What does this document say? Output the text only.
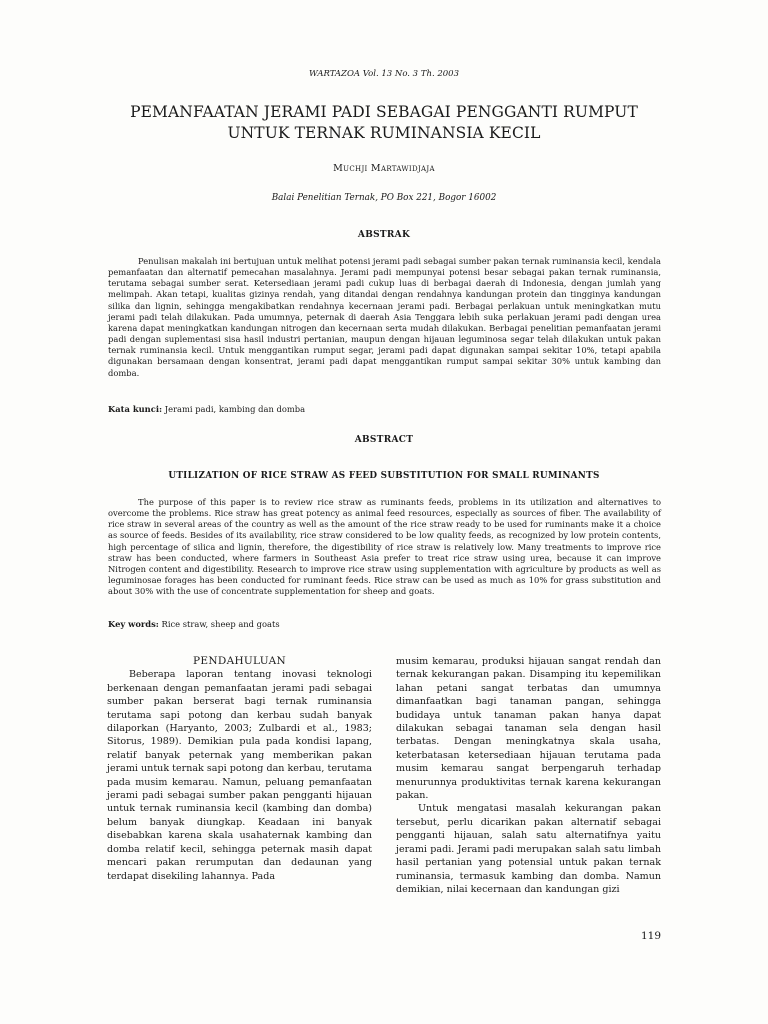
WARTAZOA Vol. 13 No. 3 Th. 2003
PEMANFAATAN JERAMI PADI SEBAGAI PENGGANTI RUMPUT
UNTUK TERNAK RUMINANSIA KECIL
Muchji Martawidjaja
Balai Penelitian Ternak, PO Box 221, Bogor 16002
ABSTRAK

Penulisan makalah ini bertujuan untuk melihat potensi jerami padi sebagai sumber pakan ternak ruminansia kecil, kendala pemanfaatan dan alternatif pemecahan masalahnya. Jerami padi mempunyai potensi besar sebagai pakan ternak ruminansia, terutama sebagai sumber serat. Ketersediaan jerami padi cukup luas di berbagai daerah di Indonesia, dengan jumlah yang melimpah. Akan tetapi, kualitas gizinya rendah, yang ditandai dengan rendahnya kandungan protein dan tingginya kandungan silika dan lignin, sehingga mengakibatkan rendahnya kecernaan jerami padi. Berbagai perlakuan untuk meningkatkan mutu jerami padi telah dilakukan. Pada umumnya, peternak di daerah Asia Tenggara lebih suka perlakuan jerami padi dengan urea karena dapat meningkatkan kandungan nitrogen dan kecernaan serta mudah dilakukan. Berbagai penelitian pemanfaatan jerami padi dengan suplementasi sisa hasil industri pertanian, maupun dengan hijauan leguminosa segar telah dilakukan untuk pakan ternak ruminansia kecil. Untuk menggantikan rumput segar, jerami padi dapat digunakan sampai sekitar 10%, tetapi apabila digunakan bersamaan dengan konsentrat, jerami padi dapat menggantikan rumput sampai sekitar 30% untuk kambing dan domba.

Kata kunci: Jerami padi, kambing dan domba
ABSTRACT
UTILIZATION OF RICE STRAW AS FEED SUBSTITUTION FOR SMALL RUMINANTS

The purpose of this paper is to review rice straw as ruminants feeds, problems in its utilization and alternatives to overcome the problems. Rice straw has great potency as animal feed resources, especially as sources of fiber. The availability of rice straw in several areas of the country as well as the amount of the rice straw ready to be used for ruminants make it a choice as source of feeds. Besides of its availability, rice straw considered to be low quality feeds, as recognized by low protein contents, high percentage of silica and lignin, therefore, the digestibility of rice straw is relatively low. Many treatments to improve rice straw has been conducted, where farmers in Southeast Asia prefer to treat rice straw using urea, because it can improve Nitrogen content and digestibility. Research to improve rice straw using supplementation with agriculture by products as well as leguminosae forages has been conducted for ruminant feeds. Rice straw can be used as much as 10% for grass substitution and about 30% with the use of concentrate supplementation for sheep and goats.

Key words: Rice straw, sheep and goats

PENDAHULUAN

Beberapa laporan tentang inovasi teknologi berkenaan dengan pemanfaatan jerami padi sebagai sumber pakan berserat bagi ternak ruminansia terutama sapi potong dan kerbau sudah banyak dilaporkan (Haryanto, 2003; Zulbardi et al., 1983; Sitorus, 1989). Demikian pula pada kondisi lapang, relatif banyak peternak yang memberikan pakan jerami untuk ternak sapi potong dan kerbau, terutama pada musim kemarau. Namun, peluang pemanfaatan jerami padi sebagai sumber pakan pengganti hijauan untuk ternak ruminansia kecil (kambing dan domba) belum banyak diungkap. Keadaan ini banyak disebabkan karena skala usahaternak kambing dan domba relatif kecil, sehingga peternak masih dapat mencari pakan rerumputan dan dedaunan yang terdapat disekiling lahannya. Pada

musim kemarau, produksi hijauan sangat rendah dan ternak kekurangan pakan. Disamping itu kepemilikan lahan petani sangat terbatas dan umumnya dimanfaatkan bagi tanaman pangan, sehingga budidaya untuk tanaman pakan hanya dapat dilakukan sebagai tanaman sela dengan hasil terbatas. Dengan meningkatnya skala usaha, keterbatasan ketersediaan hijauan terutama pada musim kemarau sangat berpengaruh terhadap menurunnya produktivitas ternak karena kekurangan pakan.

Untuk mengatasi masalah kekurangan pakan tersebut, perlu dicarikan pakan alternatif sebagai pengganti hijauan, salah satu alternatifnya yaitu jerami padi. Jerami padi merupakan salah satu limbah hasil pertanian yang potensial untuk pakan ternak ruminansia, termasuk kambing dan domba. Namun demikian, nilai kecernaan dan kandungan gizi

119
